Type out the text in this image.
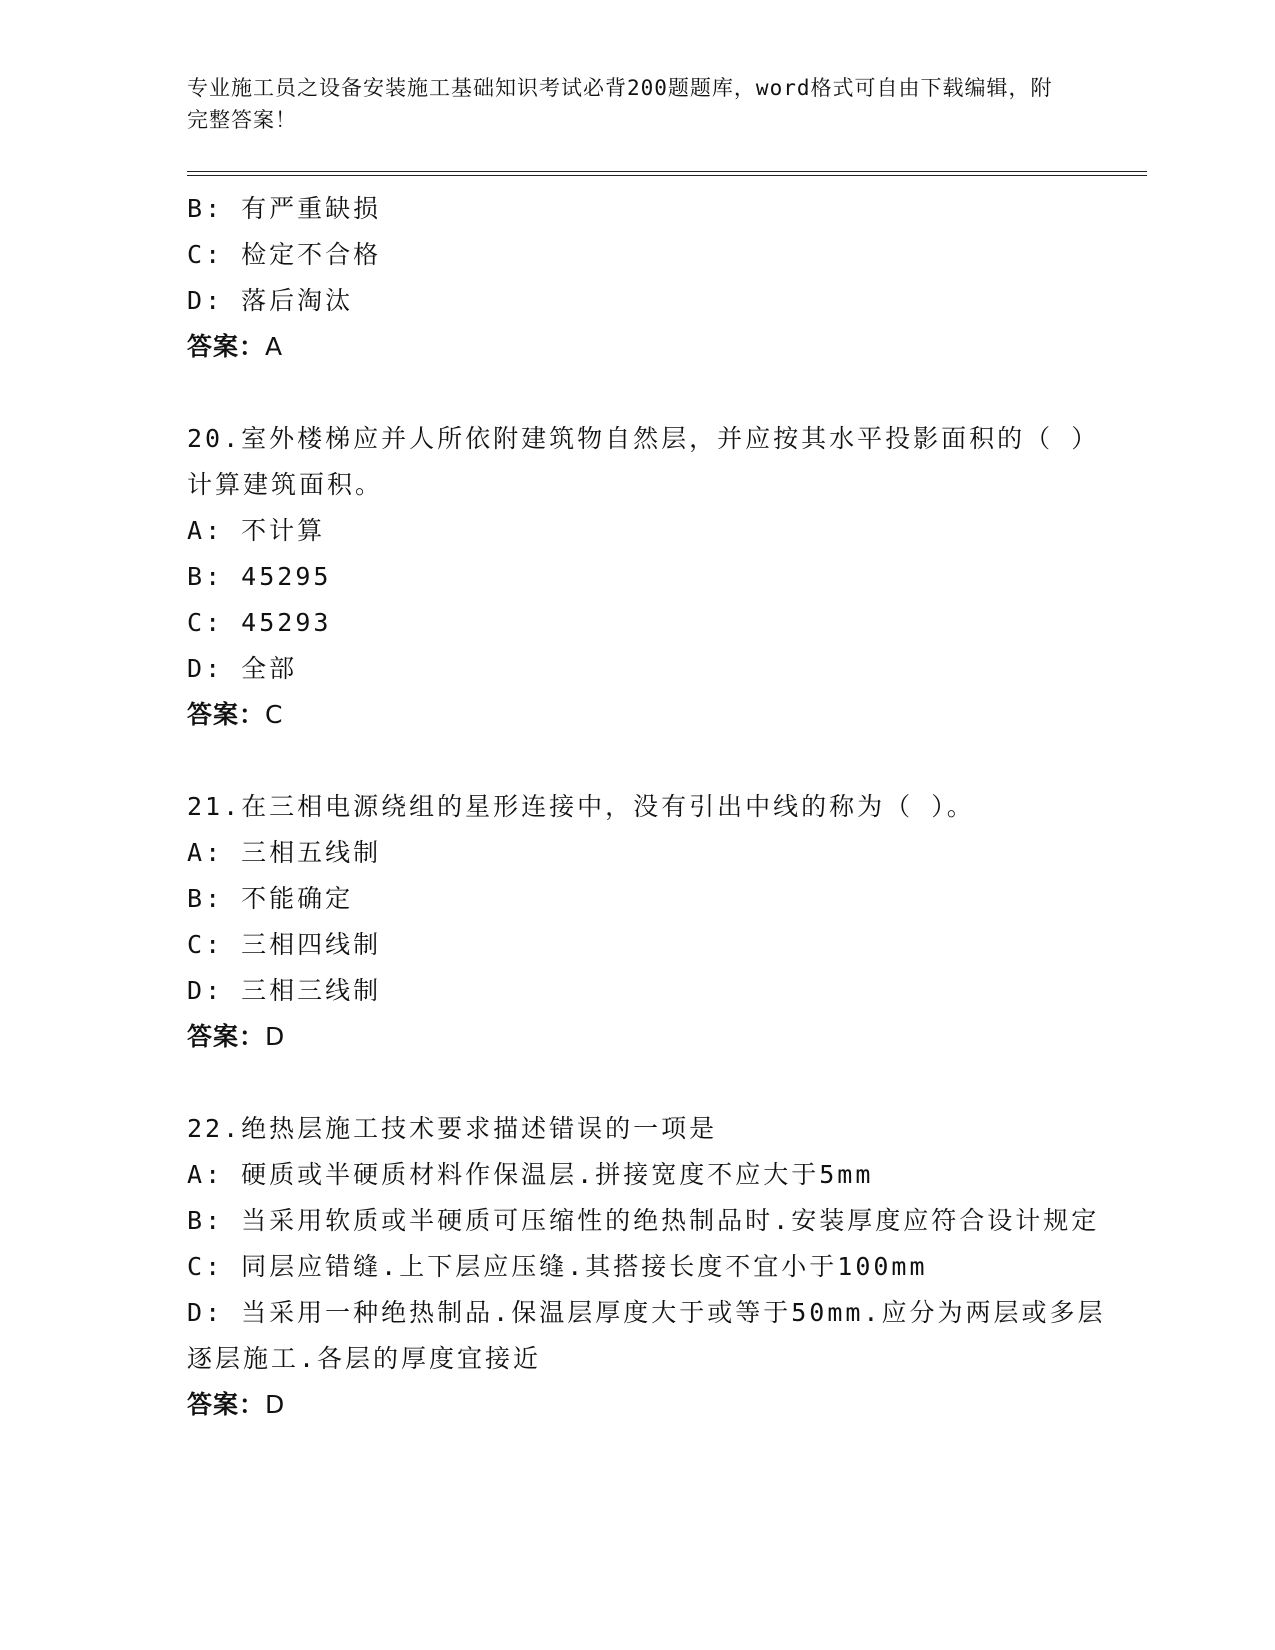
专业施工员之设备安装施工基础知识考试必背200题题库，word格式可自由下载编辑，附完整答案！
B: 有严重缺损
C: 检定不合格
D: 落后淘汰
答案：A
20.室外楼梯应并人所依附建筑物自然层，并应按其水平投影面积的（ ）计算建筑面积。
A: 不计算
B: 45295
C: 45293
D: 全部
答案：C
21.在三相电源绕组的星形连接中，没有引出中线的称为（ ）。
A: 三相五线制
B: 不能确定
C: 三相四线制
D: 三相三线制
答案：D
22.绝热层施工技术要求描述错误的一项是
A: 硬质或半硬质材料作保温层.拼接宽度不应大于5mm
B: 当采用软质或半硬质可压缩性的绝热制品时.安装厚度应符合设计规定
C: 同层应错缝.上下层应压缝.其搭接长度不宜小于100mm
D: 当采用一种绝热制品.保温层厚度大于或等于50mm.应分为两层或多层逐层施工.各层的厚度宜接近
答案：D
